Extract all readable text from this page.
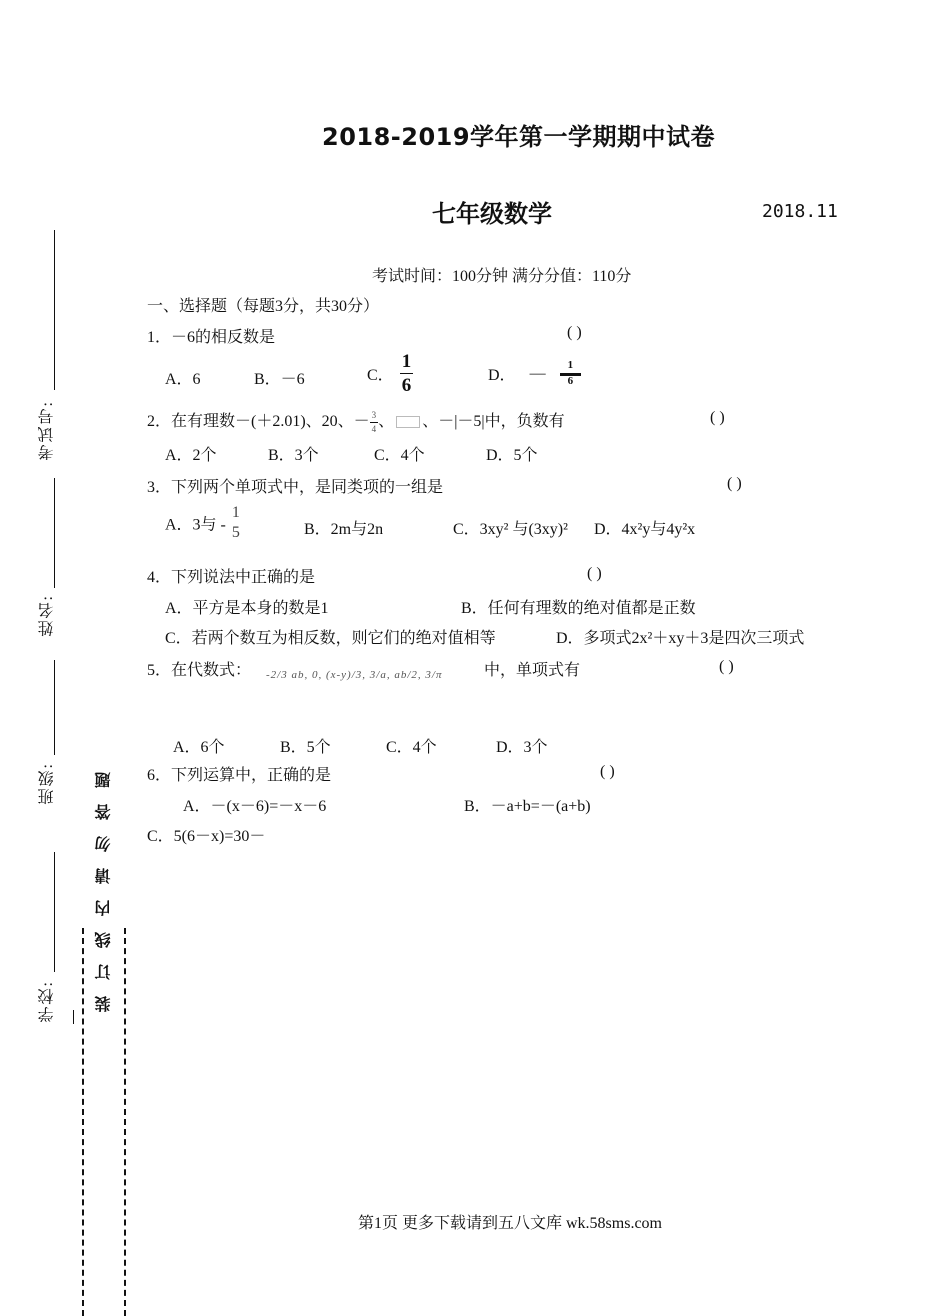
考试号:
姓名:
班级:
学校: 装订线内请勿答题
2018-2019学年第一学期期中试卷
七年级数学	2018.11
考试时间：100分钟 满分分值：110分
一、选择题（每题3分，共30分）
1．－6的相反数是	( )
A．6	B．－6	C． $\frac{1}{6}$	D． — $\frac{1}{6}$
2．在有理数－(＋2.01)、20、－ $\frac{3}{4}$ 、 、－|－5|中，负数有	( )
A．2个	B．3个	C．4个	D．5个
3．下列两个单项式中，是同类项的一组是	( )
A．3与 -
1
5	B．2m与2n	C．3xy² 与(3xy)² D．4x²y与4y²x
4．下列说法中正确的是	( )
A．平方是本身的数是1	B．任何有理数的绝对值都是正数
C．若两个数互为相反数，则它们的绝对值相等	D．多项式2x²＋xy＋3是四次三项式
5．在代数式： -2/3 ab, 0, (x-y)/3, 3/a, ab/2, 3/π	中，单项式有	( )
A．6个	B．5个	C．4个	D．3个
6．下列运算中，正确的是	( )
A．－(x－6)=－x－6	B．－a+b=－(a+b)
C．5(6－x)=30－
第1页 更多下载请到五八文库 wk.58sms.com
